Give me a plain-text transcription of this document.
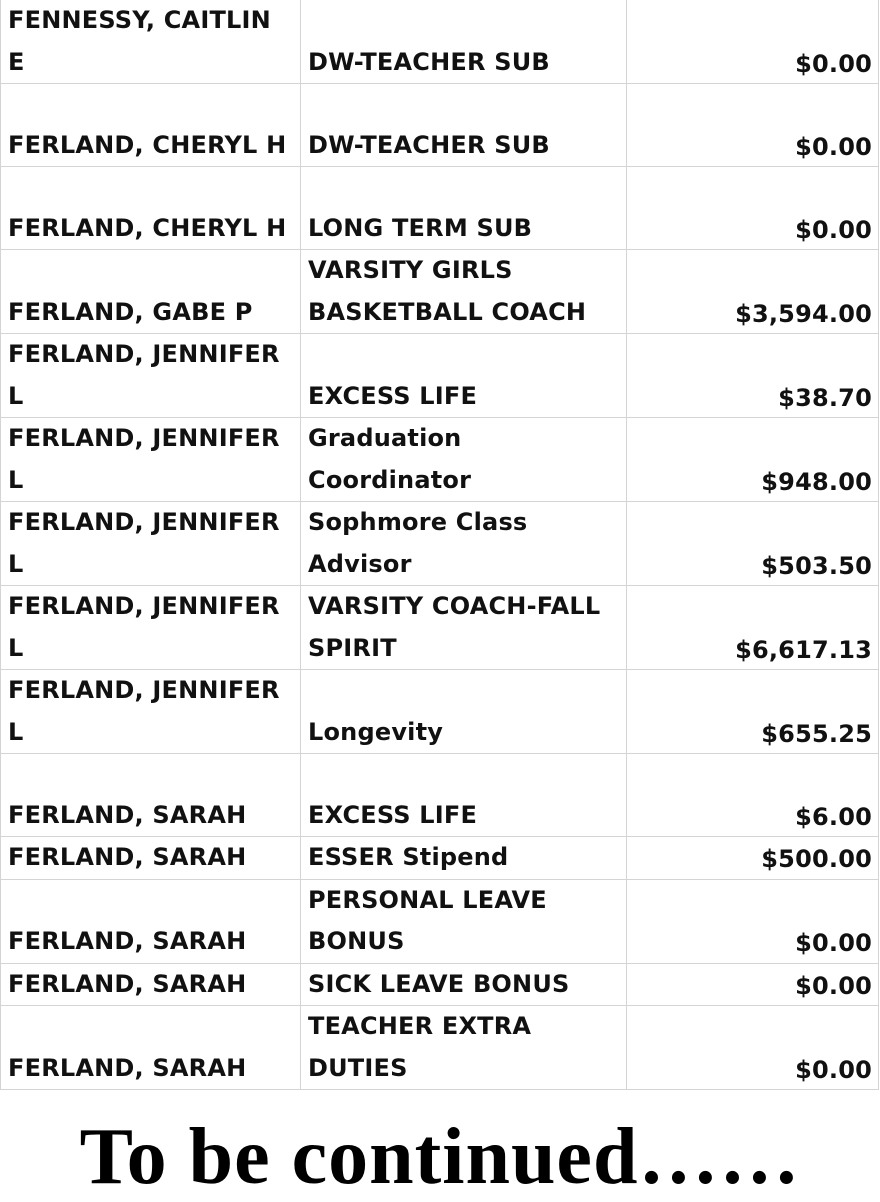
FENNESSY, CAITLIN E	DW-TEACHER SUB	$0.00
FERLAND, CHERYL H	DW-TEACHER SUB	$0.00
FERLAND, CHERYL H	LONG TERM SUB	$0.00
FERLAND, GABE P	VARSITY GIRLS BASKETBALL COACH	$3,594.00
FERLAND, JENNIFER L	EXCESS LIFE	$38.70
FERLAND, JENNIFER L	Graduation Coordinator	$948.00
FERLAND, JENNIFER L	Sophmore Class Advisor	$503.50
FERLAND, JENNIFER L	VARSITY COACH-FALL SPIRIT	$6,617.13
FERLAND, JENNIFER L	Longevity	$655.25
FERLAND, SARAH	EXCESS LIFE	$6.00
FERLAND, SARAH	ESSER Stipend	$500.00
FERLAND, SARAH	PERSONAL LEAVE BONUS	$0.00
FERLAND, SARAH	SICK LEAVE BONUS	$0.00
FERLAND, SARAH	TEACHER EXTRA DUTIES	$0.00
To be continued……
